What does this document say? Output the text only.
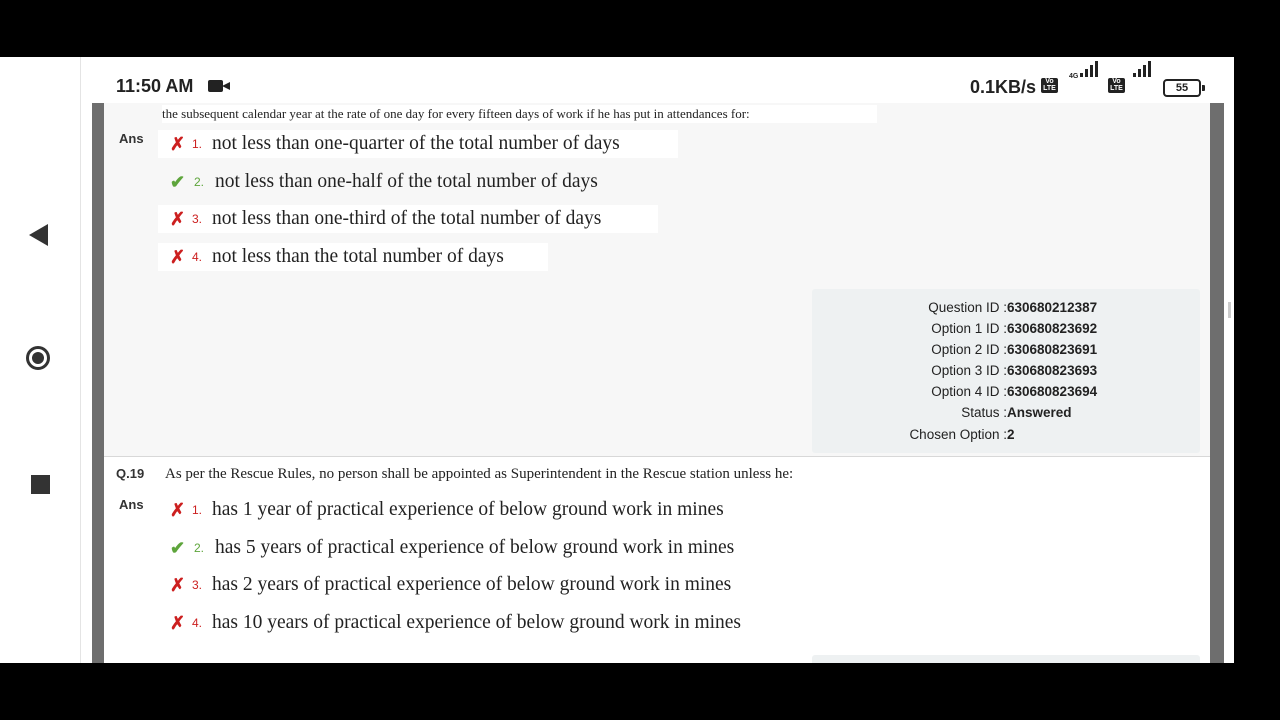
11:50 AM	0.1KB/s	Vo
LTE
4G
Vo
LTE	55
the subsequent calendar year at the rate of one day for every fifteen days of work if he has put in attendances for:
Ans ✗ 1. not less than one-quarter of the total number of days
✔ 2. not less than one-half of the total number of days
✗ 3. not less than one-third of the total number of days
✗ 4. not less than the total number of days
Question ID : 630680212387
Option 1 ID : 630680823692
Option 2 ID : 630680823691
Option 3 ID : 630680823693
Option 4 ID : 630680823694
Status : Answered
Chosen Option : 2
Q.19 As per the Rescue Rules, no person shall be appointed as Superintendent in the Rescue station unless he:
Ans ✗ 1. has 1 year of practical experience of below ground work in mines
✔ 2. has 5 years of practical experience of below ground work in mines
✗ 3. has 2 years of practical experience of below ground work in mines
✗ 4. has 10 years of practical experience of below ground work in mines
